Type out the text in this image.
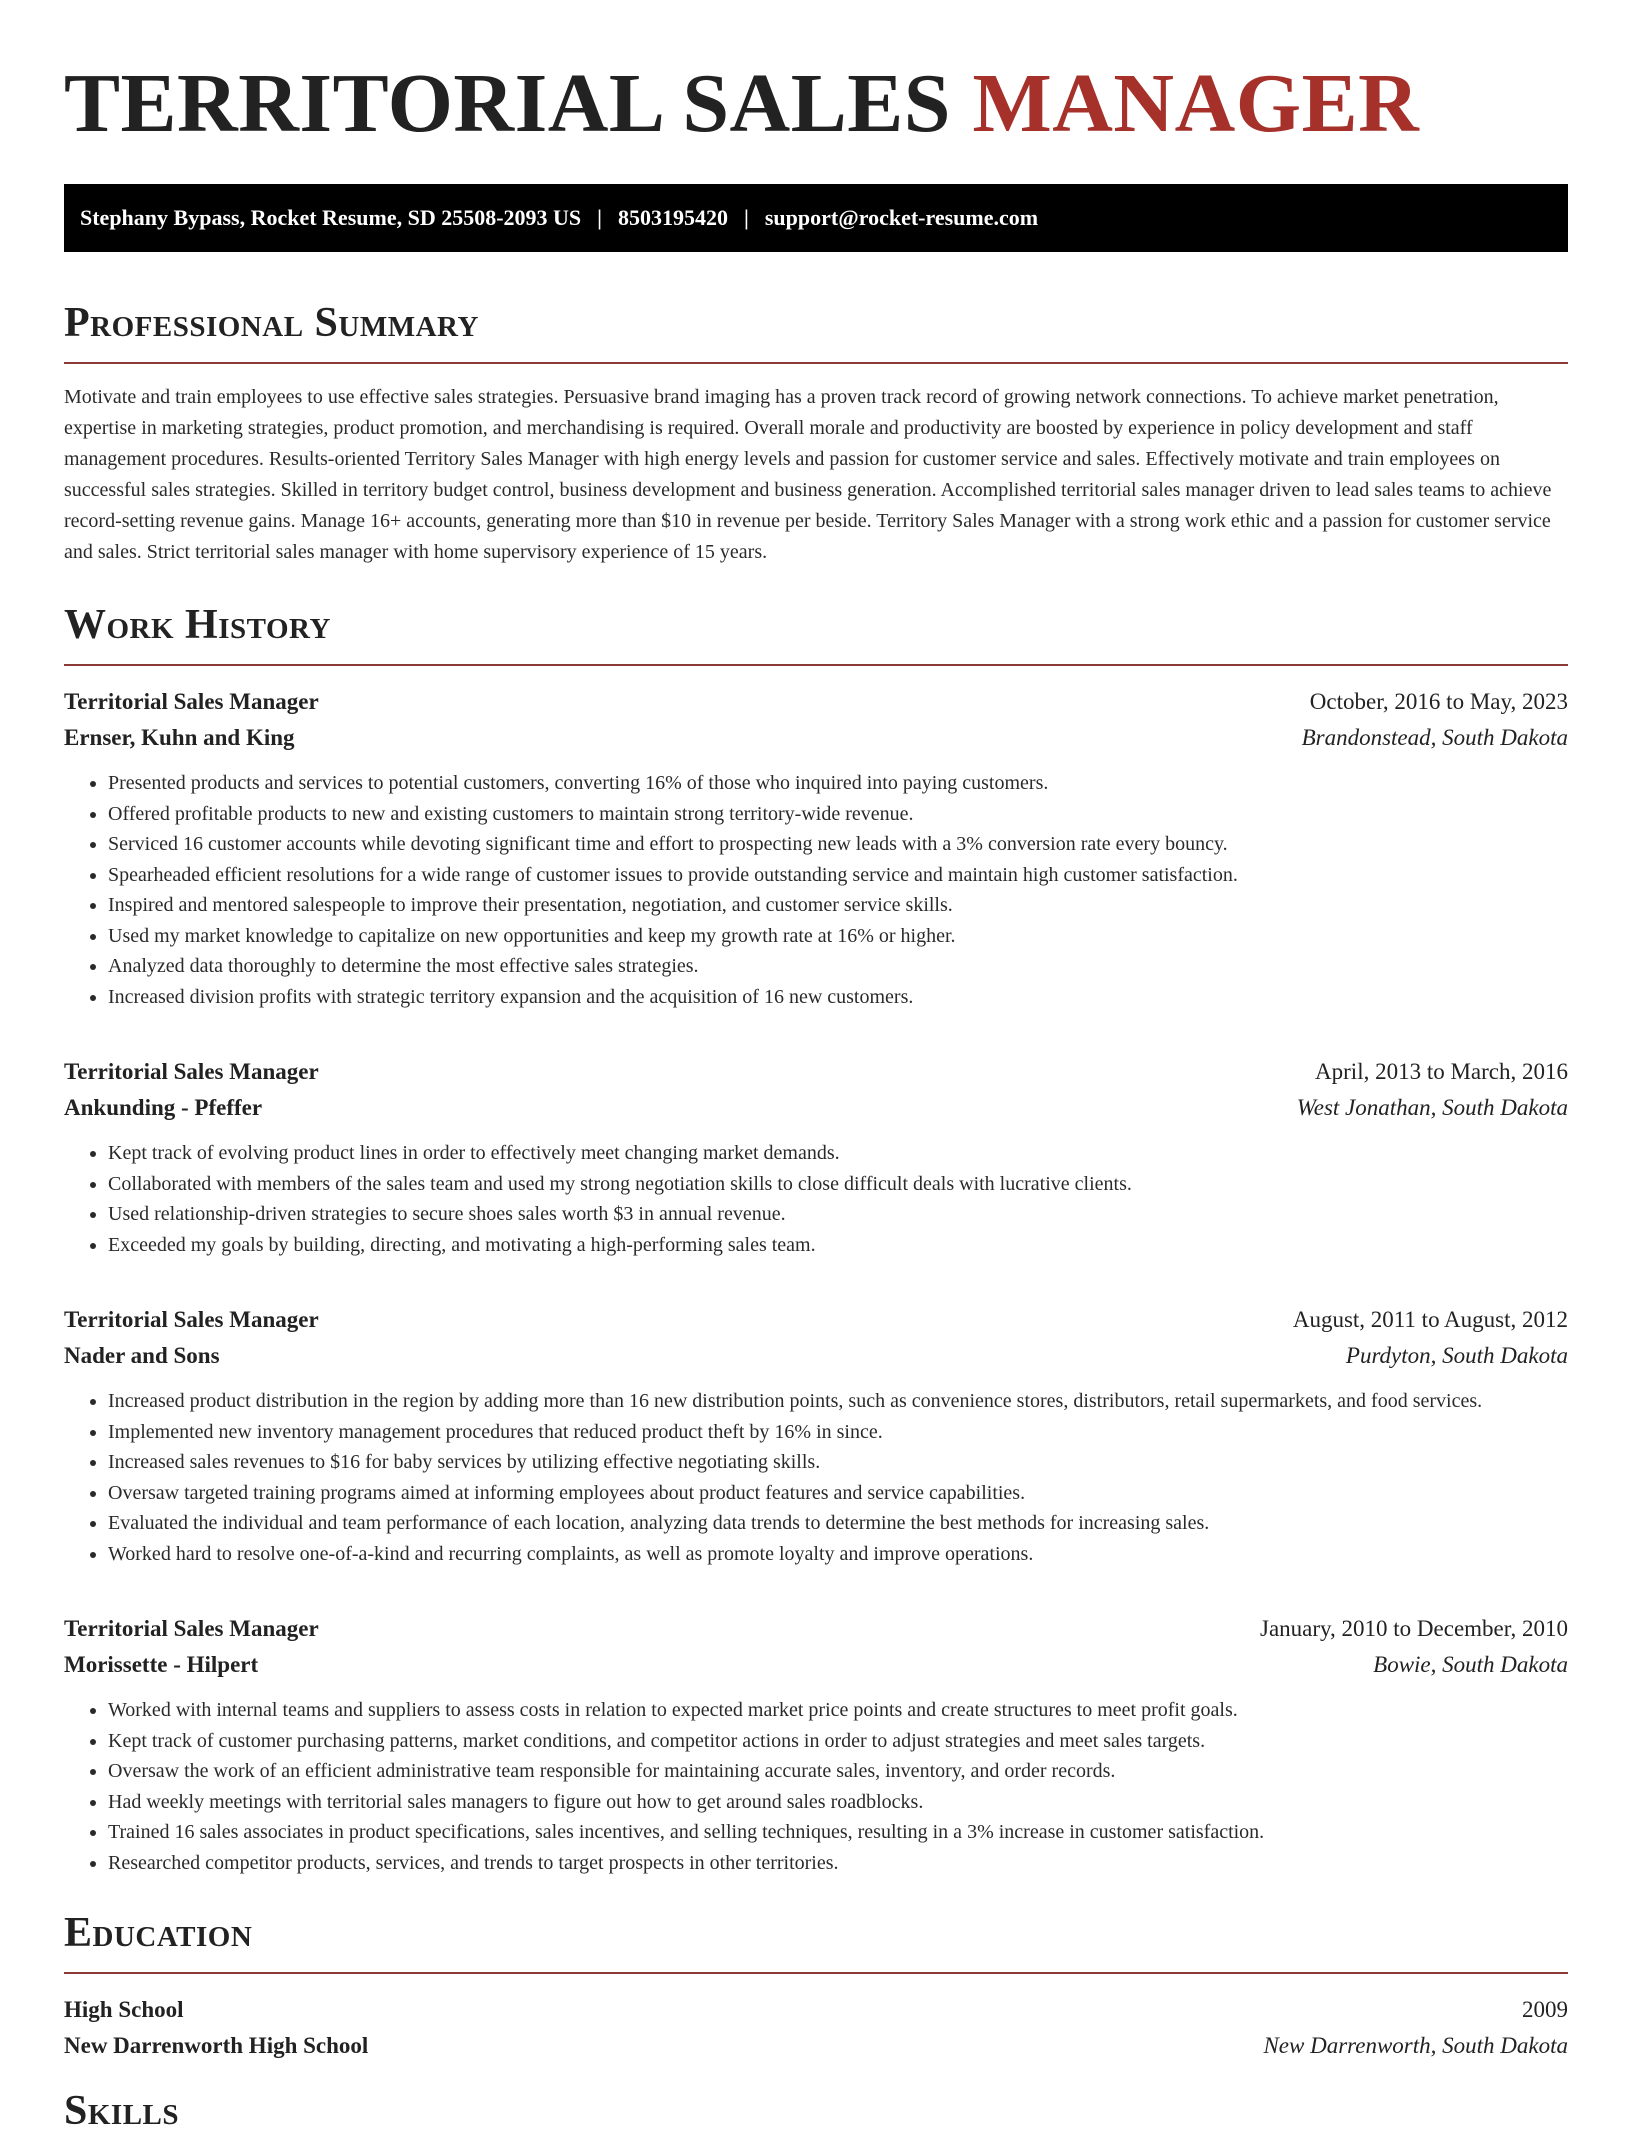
TERRITORIAL SALES MANAGER
Stephany Bypass, Rocket Resume, SD 25508-2093 US | 8503195420 | support@rocket-resume.com
Professional Summary

Motivate and train employees to use effective sales strategies. Persuasive brand imaging has a proven track record of growing network connections. To achieve market penetration, expertise in marketing strategies, product promotion, and merchandising is required. Overall morale and productivity are boosted by experience in policy development and staff management procedures. Results-oriented Territory Sales Manager with high energy levels and passion for customer service and sales. Effectively motivate and train employees on successful sales strategies. Skilled in territory budget control, business development and business generation. Accomplished territorial sales manager driven to lead sales teams to achieve record-setting revenue gains. Manage 16+ accounts, generating more than $10 in revenue per beside. Territory Sales Manager with a strong work ethic and a passion for customer service and sales. Strict territorial sales manager with home supervisory experience of 15 years.

Work History
Territorial Sales Manager	October, 2016 to May, 2023
Ernser, Kuhn and King	Brandonstead, South Dakota
• Presented products and services to potential customers, converting 16% of those who inquired into paying customers.
• Offered profitable products to new and existing customers to maintain strong territory-wide revenue.
• Serviced 16 customer accounts while devoting significant time and effort to prospecting new leads with a 3% conversion rate every bouncy.
• Spearheaded efficient resolutions for a wide range of customer issues to provide outstanding service and maintain high customer satisfaction.
• Inspired and mentored salespeople to improve their presentation, negotiation, and customer service skills.
• Used my market knowledge to capitalize on new opportunities and keep my growth rate at 16% or higher.
• Analyzed data thoroughly to determine the most effective sales strategies.
• Increased division profits with strategic territory expansion and the acquisition of 16 new customers.
Territorial Sales Manager	April, 2013 to March, 2016
Ankunding - Pfeffer	West Jonathan, South Dakota
• Kept track of evolving product lines in order to effectively meet changing market demands.
• Collaborated with members of the sales team and used my strong negotiation skills to close difficult deals with lucrative clients.
• Used relationship-driven strategies to secure shoes sales worth $3 in annual revenue.
• Exceeded my goals by building, directing, and motivating a high-performing sales team.
Territorial Sales Manager	August, 2011 to August, 2012
Nader and Sons	Purdyton, South Dakota
• Increased product distribution in the region by adding more than 16 new distribution points, such as convenience stores, distributors, retail supermarkets, and food services.
• Implemented new inventory management procedures that reduced product theft by 16% in since.
• Increased sales revenues to $16 for baby services by utilizing effective negotiating skills.
• Oversaw targeted training programs aimed at informing employees about product features and service capabilities.
• Evaluated the individual and team performance of each location, analyzing data trends to determine the best methods for increasing sales.
• Worked hard to resolve one-of-a-kind and recurring complaints, as well as promote loyalty and improve operations.
Territorial Sales Manager	January, 2010 to December, 2010
Morissette - Hilpert	Bowie, South Dakota
• Worked with internal teams and suppliers to assess costs in relation to expected market price points and create structures to meet profit goals.
• Kept track of customer purchasing patterns, market conditions, and competitor actions in order to adjust strategies and meet sales targets.
• Oversaw the work of an efficient administrative team responsible for maintaining accurate sales, inventory, and order records.
• Had weekly meetings with territorial sales managers to figure out how to get around sales roadblocks.
• Trained 16 sales associates in product specifications, sales incentives, and selling techniques, resulting in a 3% increase in customer satisfaction.
• Researched competitor products, services, and trends to target prospects in other territories.
Education
High School	2009
New Darrenworth High School	New Darrenworth, South Dakota
Skills
